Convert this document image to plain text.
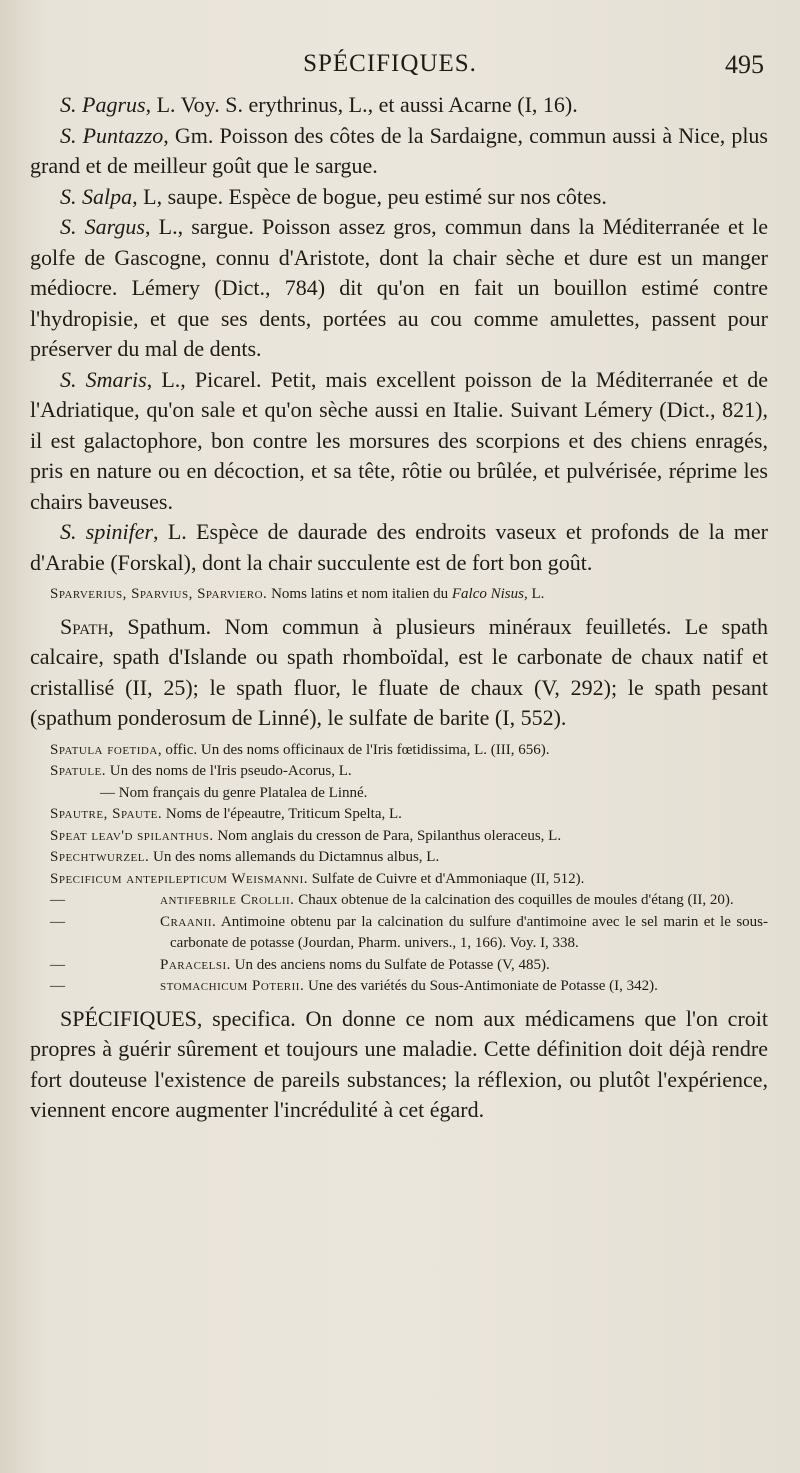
SPÉCIFIQUES.	495

S. Pagrus, L. Voy. S. erythrinus, L., et aussi Acarne (I, 16).

S. Puntazzo, Gm. Poisson des côtes de la Sardaigne, commun aussi à Nice, plus grand et de meilleur goût que le sargue.

S. Salpa, L, saupe. Espèce de bogue, peu estimé sur nos côtes.

S. Sargus, L., sargue. Poisson assez gros, commun dans la Méditerranée et le golfe de Gascogne, connu d'Aristote, dont la chair sèche et dure est un manger médiocre. Lémery (Dict., 784) dit qu'on en fait un bouillon estimé contre l'hydropisie, et que ses dents, portées au cou comme amulettes, passent pour préserver du mal de dents.

S. Smaris, L., Picarel. Petit, mais excellent poisson de la Méditerranée et de l'Adriatique, qu'on sale et qu'on sèche aussi en Italie. Suivant Lémery (Dict., 821), il est galactophore, bon contre les morsures des scorpions et des chiens enragés, pris en nature ou en décoction, et sa tête, rôtie ou brûlée, et pulvérisée, réprime les chairs baveuses.

S. spinifer, L. Espèce de daurade des endroits vaseux et profonds de la mer d'Arabie (Forskal), dont la chair succulente est de fort bon goût.

Sparverius, Sparvius, Sparviero. Noms latins et nom italien du Falco Nisus, L.

Spath, Spathum. Nom commun à plusieurs minéraux feuilletés. Le spath calcaire, spath d'Islande ou spath rhomboïdal, est le carbonate de chaux natif et cristallisé (II, 25); le spath fluor, le fluate de chaux (V, 292); le spath pesant (spathum ponderosum de Linné), le sulfate de barite (I, 552).

Spatula foetida, offic. Un des noms officinaux de l'Iris fœtidissima, L. (III, 656).

Spatule. Un des noms de l'Iris pseudo-Acorus, L.

— Nom français du genre Platalea de Linné.

Spautre, Spaute. Noms de l'épeautre, Triticum Spelta, L.

Speat leav'd spilanthus. Nom anglais du cresson de Para, Spilanthus oleraceus, L.

Spechtwurzel. Un des noms allemands du Dictamnus albus, L.

Specificum antepilepticum Weismanni. Sulfate de Cuivre et d'Ammoniaque (II, 512).

—	antifebrile Crollii. Chaux obtenue de la calcination des coquilles de moules d'étang (II, 20).

—	Craanii. Antimoine obtenu par la calcination du sulfure d'antimoine avec le sel marin et le sous-carbonate de potasse (Jourdan, Pharm. univers., 1, 166). Voy. I, 338.

—	Paracelsi. Un des anciens noms du Sulfate de Potasse (V, 485).

—	stomachicum Poterii. Une des variétés du Sous-Antimoniate de Potasse (I, 342).

SPÉCIFIQUES, specifica. On donne ce nom aux médicamens que l'on croit propres à guérir sûrement et toujours une maladie. Cette définition doit déjà rendre fort douteuse l'existence de pareils substances; la réflexion, ou plutôt l'expérience, viennent encore augmenter l'incrédulité à cet égard.
